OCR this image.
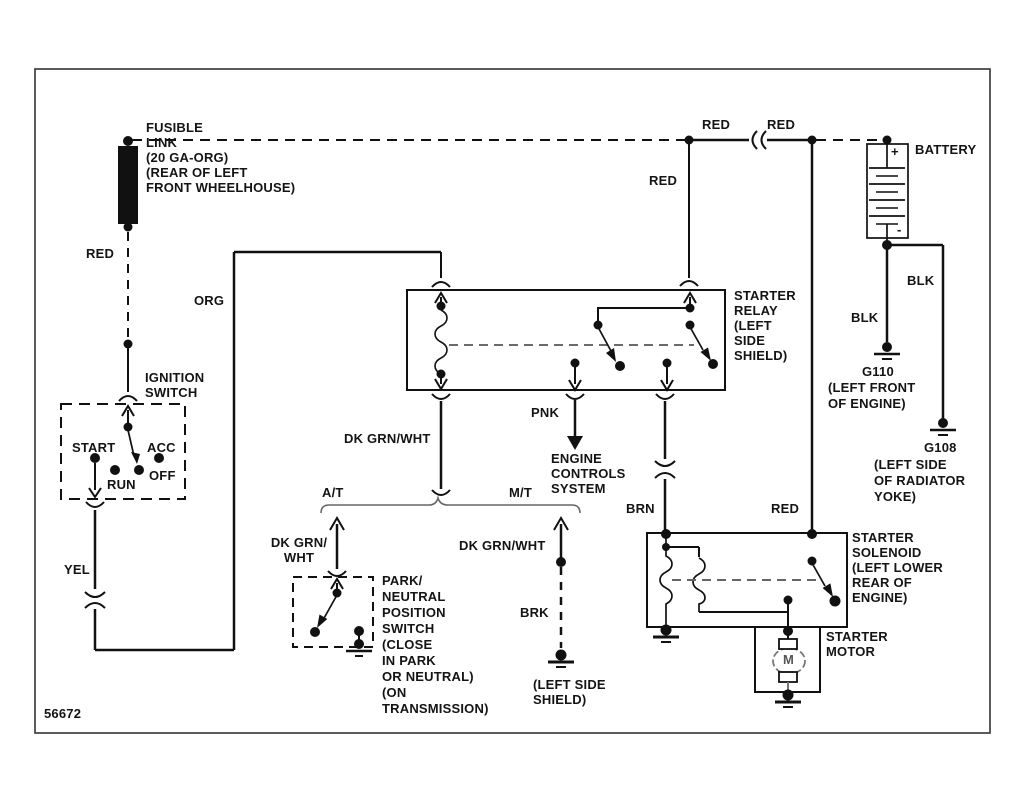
FUSIBLE
LINK
(20 GA-ORG)
(REAR OF LEFT
FRONT WHEELHOUSE)
RED
ORG
IGNITION
SWITCH
START ACC
RUN
OFF
YEL
RED	RED
RED
BATTERY
+
-
STARTER
RELAY
(LEFT
SIDE
SHIELD)
BLK
BLK
G110
(LEFT FRONT
OF ENGINE)
G108
(LEFT SIDE
OF RADIATOR
YOKE)
DK GRN/WHT
PNK
ENGINE
CONTROLS
SYSTEM
A/T	M/T
DK GRN/
WHT
DK GRN/WHT
BRK
(LEFT SIDE
SHIELD)
PARK/
NEUTRAL
POSITION
SWITCH
(CLOSE
IN PARK
OR NEUTRAL)
(ON
TRANSMISSION)
BRN	RED
STARTER
SOLENOID
(LEFT LOWER
REAR OF
ENGINE)
STARTER
MOTOR
M
56672
